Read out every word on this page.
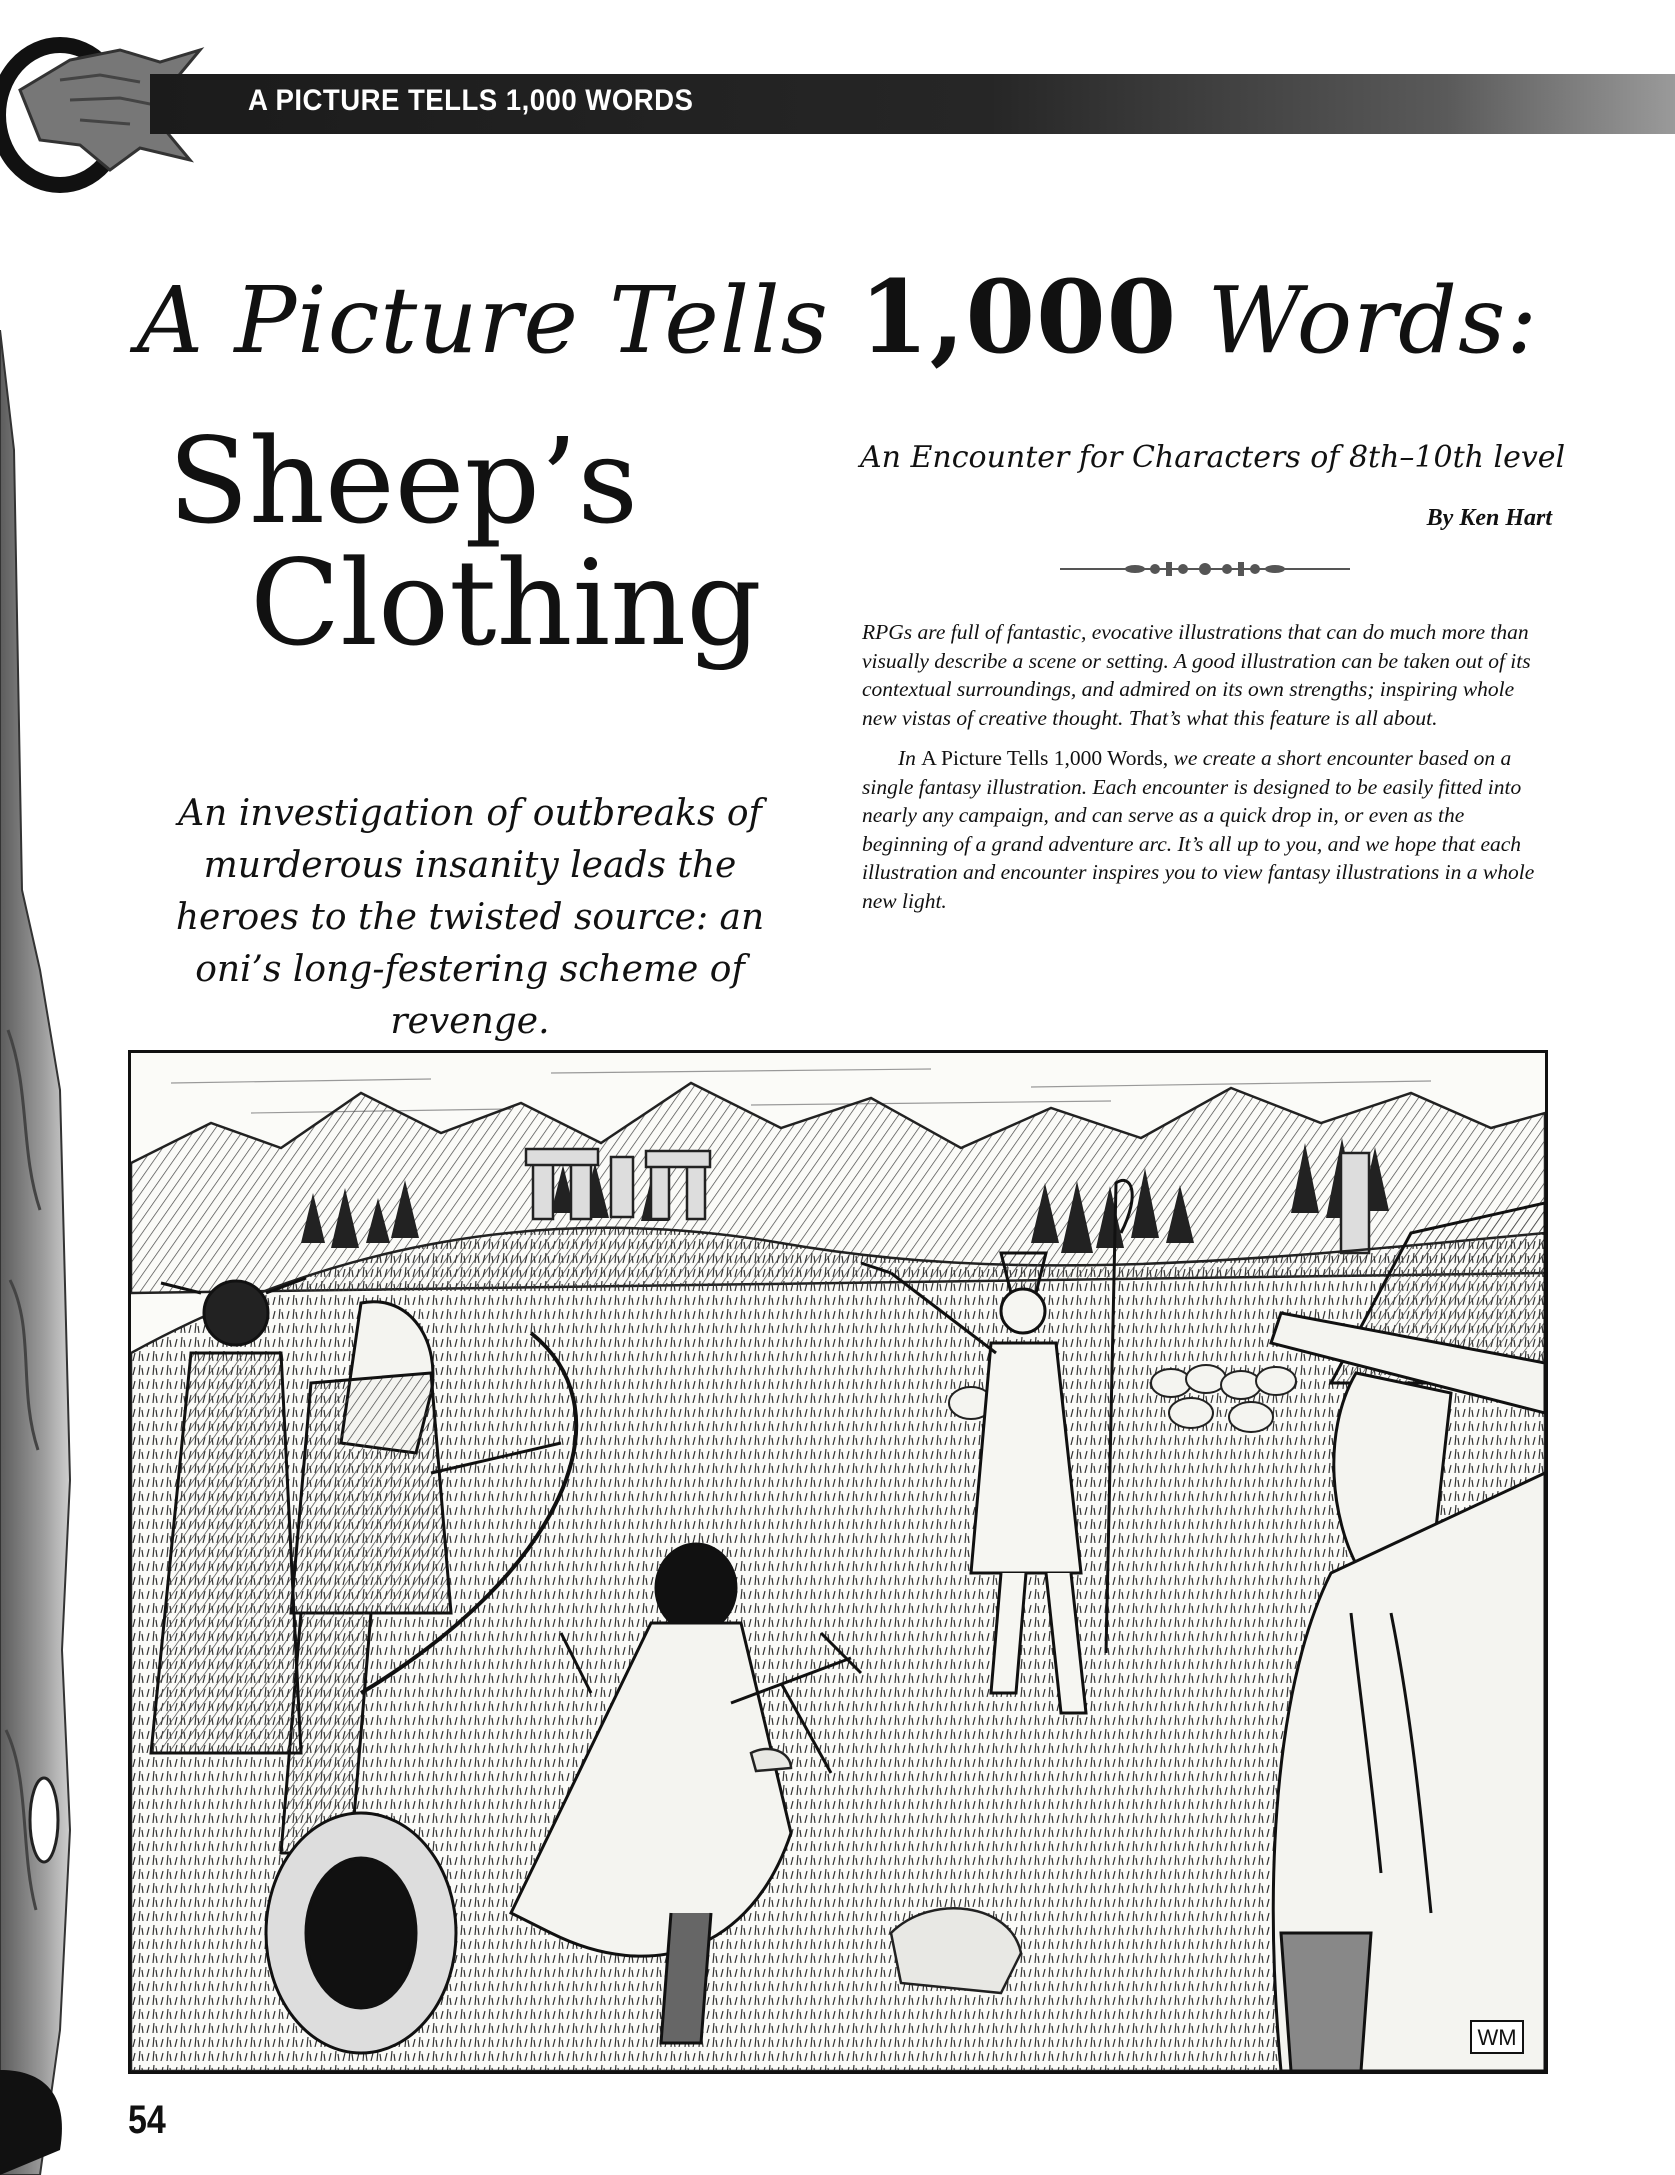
A PICTURE TELLS 1,000 WORDS
A Picture Tells 1,000 Words:
Sheep’s
Clothing
An Encounter for Characters of 8th–10th level
By Ken Hart
An investigation of outbreaks of murderous insanity leads the heroes to the twisted source: an oni’s long-festering scheme of revenge.

RPGs are full of fantastic, evocative illustrations that can do much more than visually describe a scene or setting. A good illustration can be taken out of its contextual surroundings, and admired on its own strengths; inspiring whole new vistas of creative thought. That’s what this feature is all about.

In A Picture Tells 1,000 Words, we create a short encounter based on a single fantasy illustration. Each encounter is designed to be easily fitted into nearly any campaign, and can serve as a quick drop in, or even as the beginning of a grand adventure arc. It’s all up to you, and we hope that each illustration and encounter inspires you to view fantasy illustrations in a whole new light.

WM
54
